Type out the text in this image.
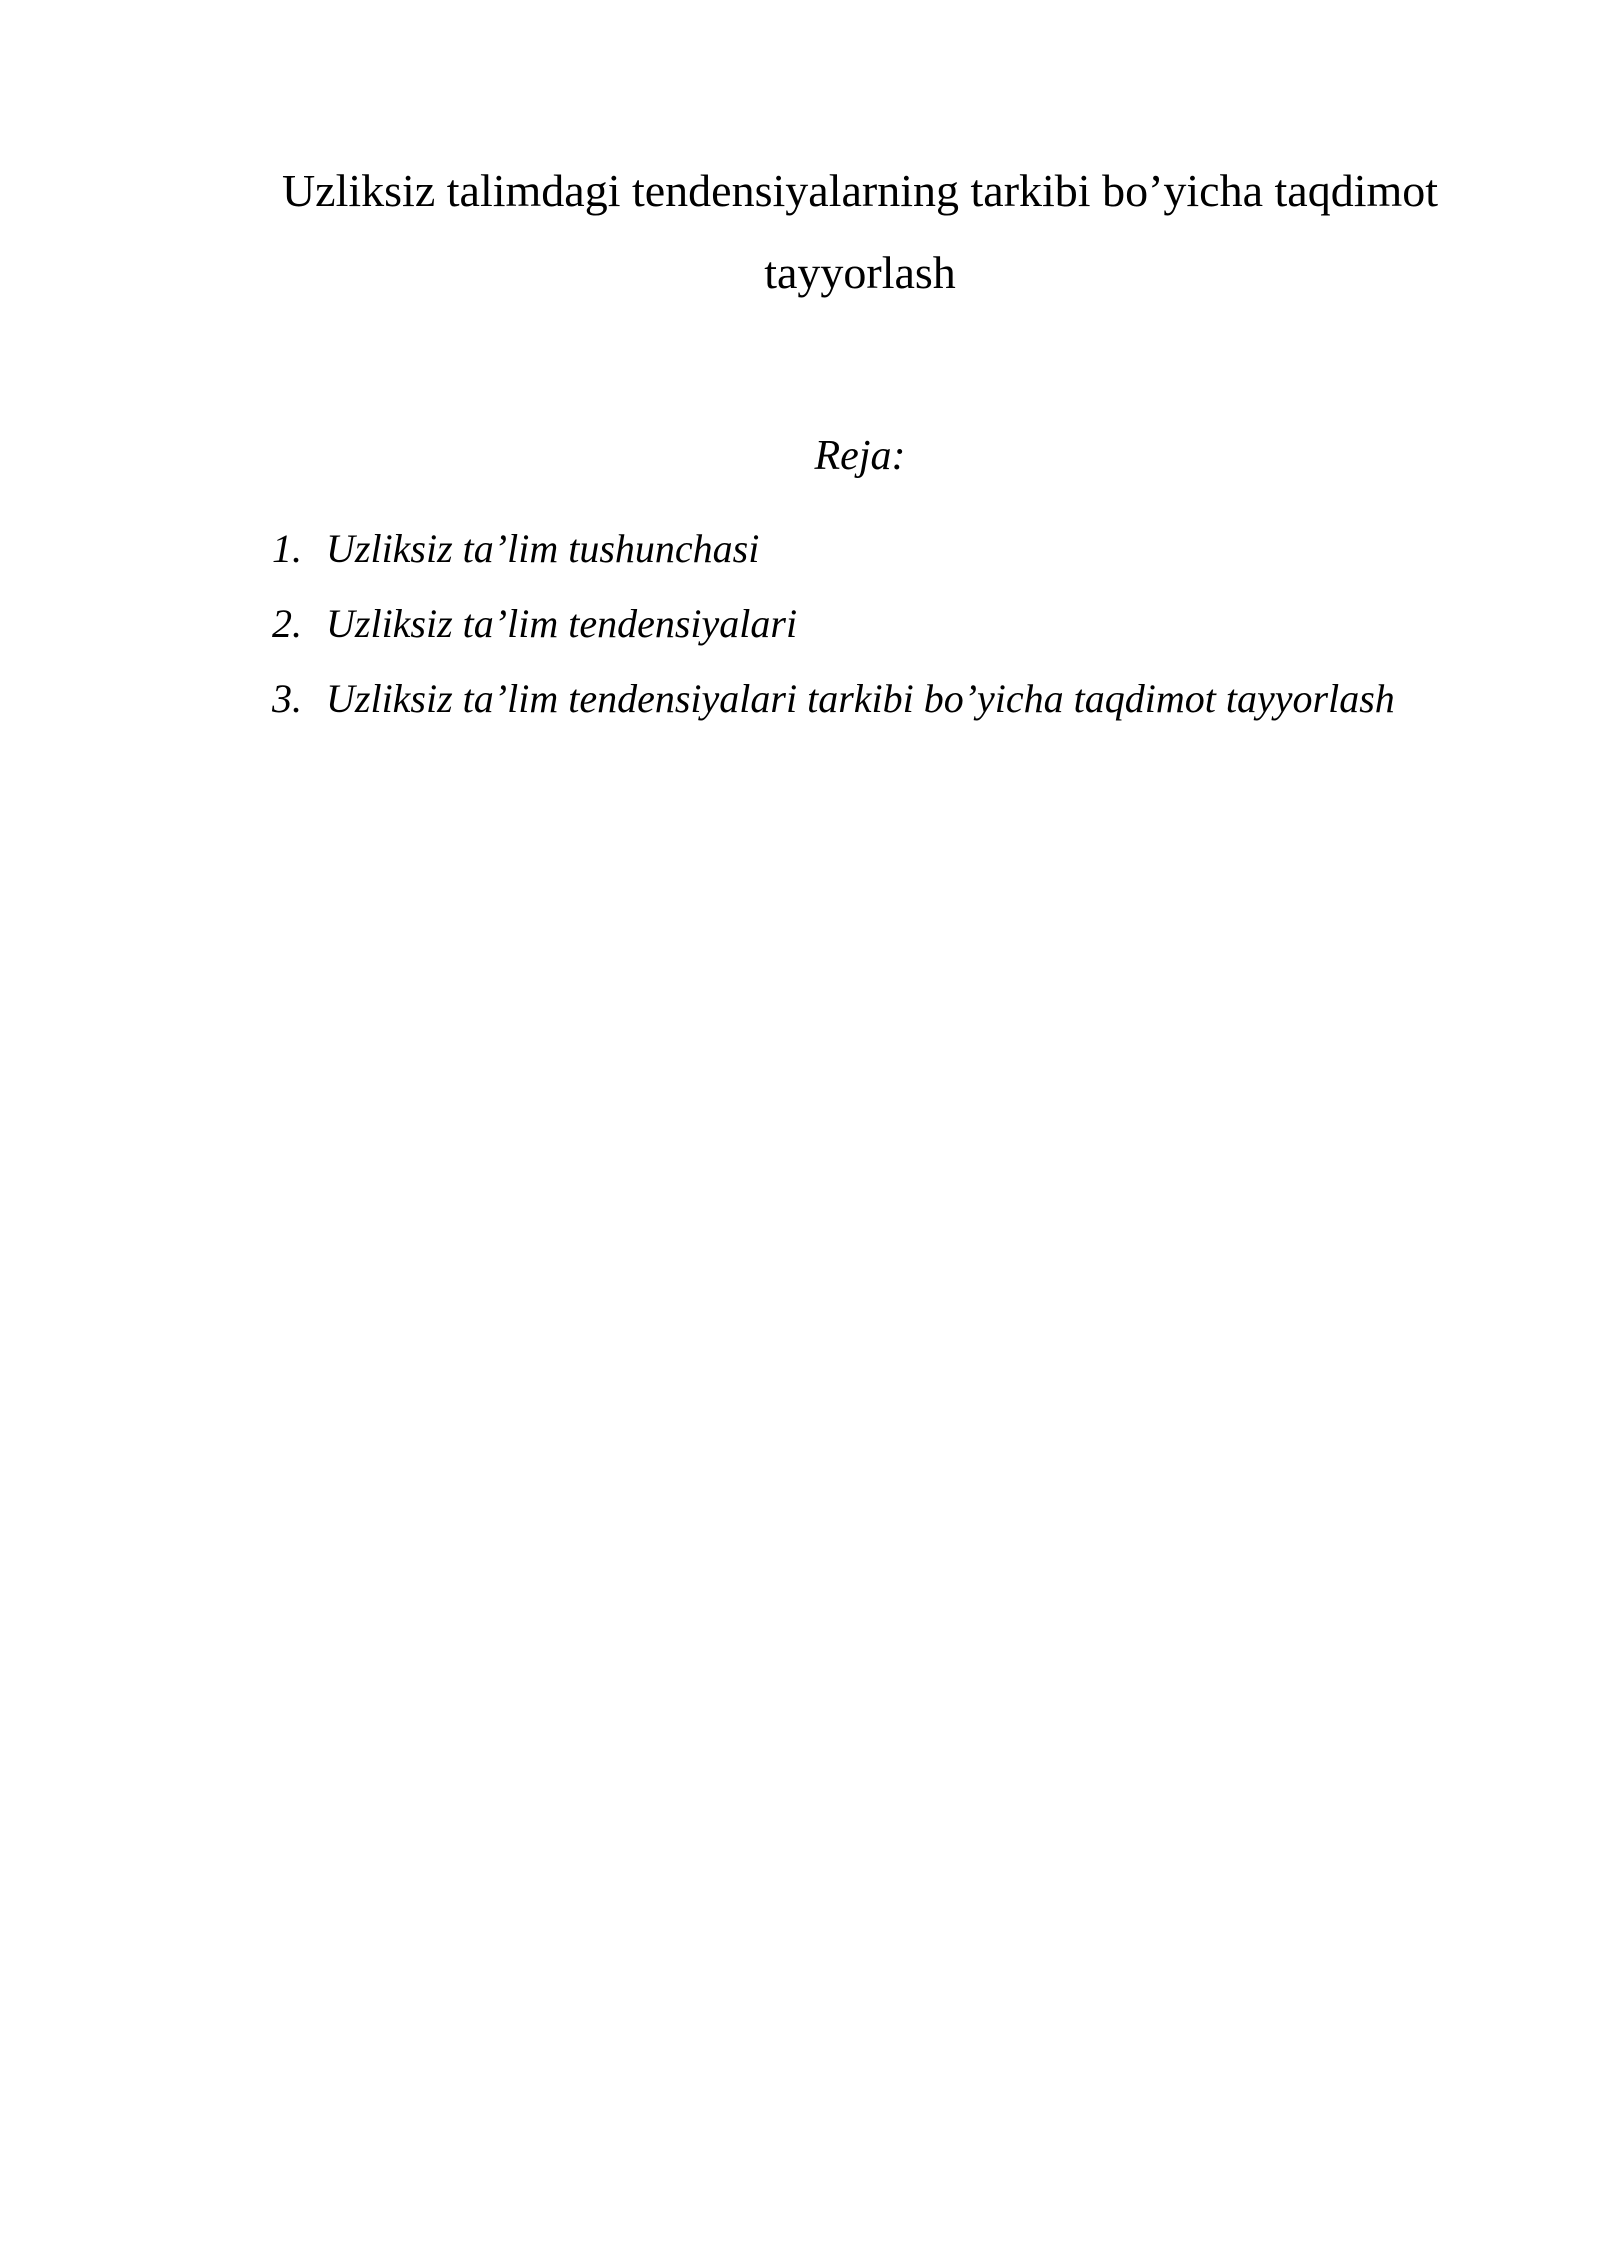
Uzliksiz talimdagi tendensiyalarning tarkibi bo’yicha taqdimot tayyorlash

Reja:

1. Uzliksiz ta’lim tushunchasi
2. Uzliksiz ta’lim tendensiyalari
3. Uzliksiz ta’lim tendensiyalari tarkibi bo’yicha taqdimot tayyorlash
